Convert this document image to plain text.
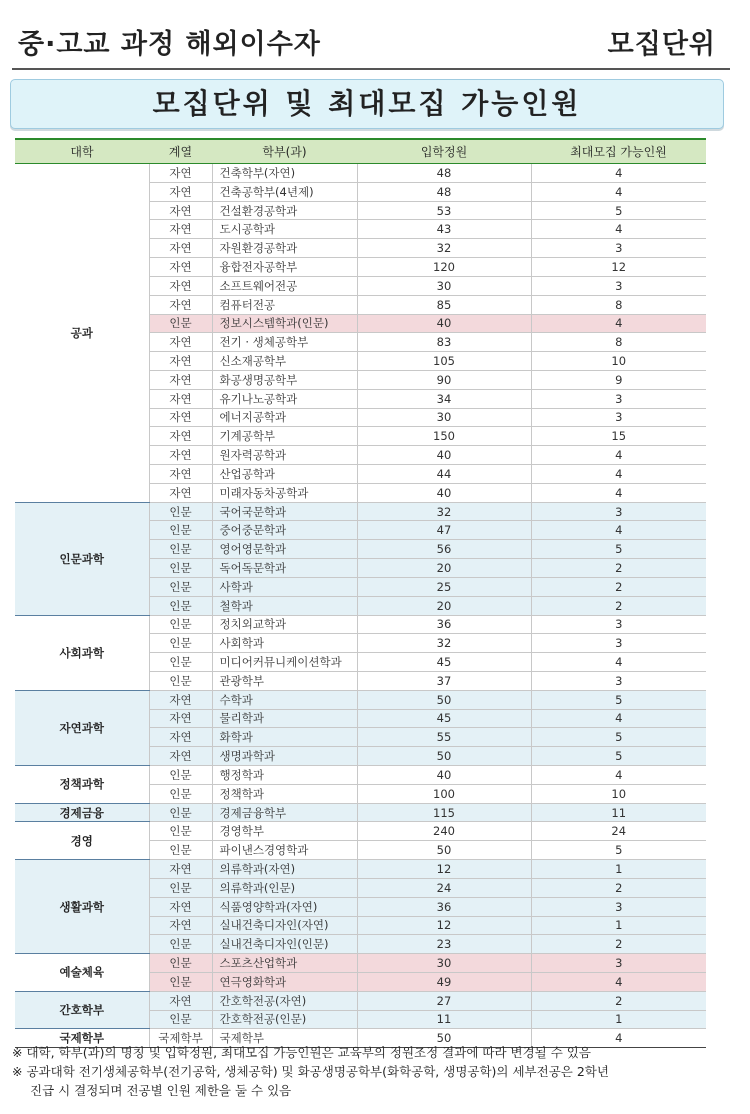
중·고교 과정 해외이수자	모집단위
모집단위 및 최대모집 가능인원
대학	계열	학부(과)	입학정원	최대모집 가능인원
공과	자연	건축학부(자연)	48	4
	자연	건축공학부(4년제)	48	4
	자연	건설환경공학과	53	5
	자연	도시공학과	43	4
	자연	자원환경공학과	32	3
	자연	융합전자공학부	120	12
	자연	소프트웨어전공	30	3
	자연	컴퓨터전공	85	8
	인문	정보시스템학과(인문)	40	4
	자연	전기 · 생체공학부	83	8
	자연	신소재공학부	105	10
	자연	화공생명공학부	90	9
	자연	유기나노공학과	34	3
	자연	에너지공학과	30	3
	자연	기계공학부	150	15
	자연	원자력공학과	40	4
	자연	산업공학과	44	4
	자연	미래자동차공학과	40	4
인문과학	인문	국어국문학과	32	3
	인문	중어중문학과	47	4
	인문	영어영문학과	56	5
	인문	독어독문학과	20	2
	인문	사학과	25	2
	인문	철학과	20	2
사회과학	인문	정치외교학과	36	3
	인문	사회학과	32	3
	인문	미디어커뮤니케이션학과	45	4
	인문	관광학부	37	3
자연과학	자연	수학과	50	5
	자연	물리학과	45	4
	자연	화학과	55	5
	자연	생명과학과	50	5
정책과학	인문	행정학과	40	4
	인문	정책학과	100	10
경제금융	인문	경제금융학부	115	11
경영	인문	경영학부	240	24
	인문	파이낸스경영학과	50	5
생활과학	자연	의류학과(자연)	12	1
	인문	의류학과(인문)	24	2
	자연	식품영양학과(자연)	36	3
	자연	실내건축디자인(자연)	12	1
	인문	실내건축디자인(인문)	23	2
예술체육	인문	스포츠산업학과	30	3
	인문	연극영화학과	49	4
간호학부	자연	간호학전공(자연)	27	2
	인문	간호학전공(인문)	11	1
국제학부	국제학부	국제학부	50	4
※ 대학, 학부(과)의 명칭 및 입학정원, 최대모집 가능인원은 교육부의 정원조정 결과에 따라 변경될 수 있음
※ 공과대학 전기생체공학부(전기공학, 생체공학) 및 화공생명공학부(화학공학, 생명공학)의 세부전공은 2학년
진급 시 결정되며 전공별 인원 제한을 둘 수 있음
